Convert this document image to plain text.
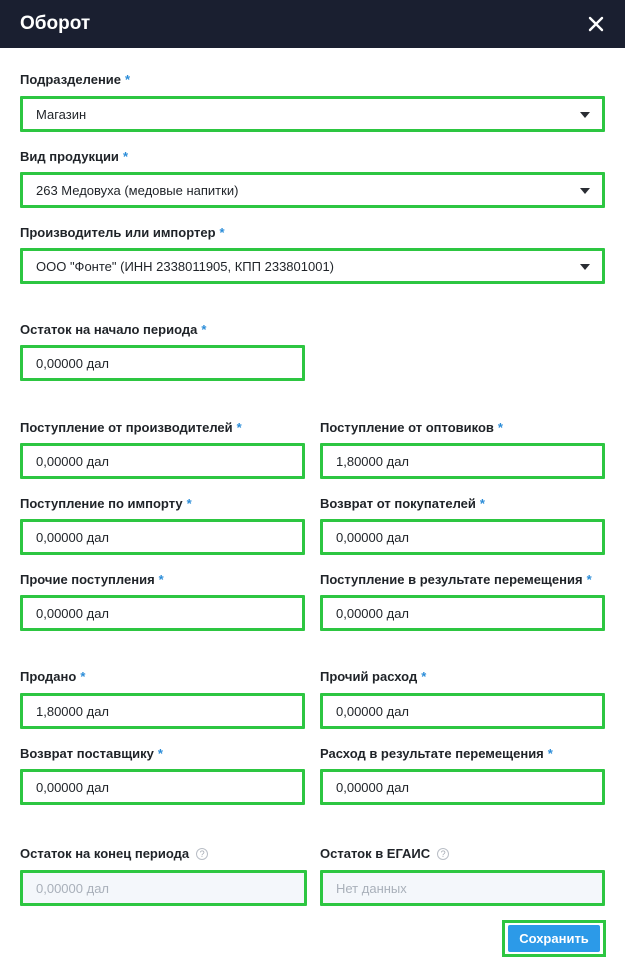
Оборот
Подразделение *
Магазин
Вид продукции *
263 Медовуха (медовые напитки)
Производитель или импортер *
ООО "Фонте" (ИНН 2338011905, КПП 233801001)
Остаток на начало периода *
0,00000 дал
Поступление от производителей *
0,00000 дал
Поступление от оптовиков *
1,80000 дал
Поступление по импорту *
0,00000 дал
Возврат от покупателей *
0,00000 дал
Прочие поступления *
0,00000 дал
Поступление в результате перемещения *
0,00000 дал
Продано *
1,80000 дал
Прочий расход *
0,00000 дал
Возврат поставщику *
0,00000 дал
Расход в результате перемещения *
0,00000 дал
Остаток на конец периода ?
0,00000 дал
Остаток в ЕГАИС ?
Нет данных
Сохранить
